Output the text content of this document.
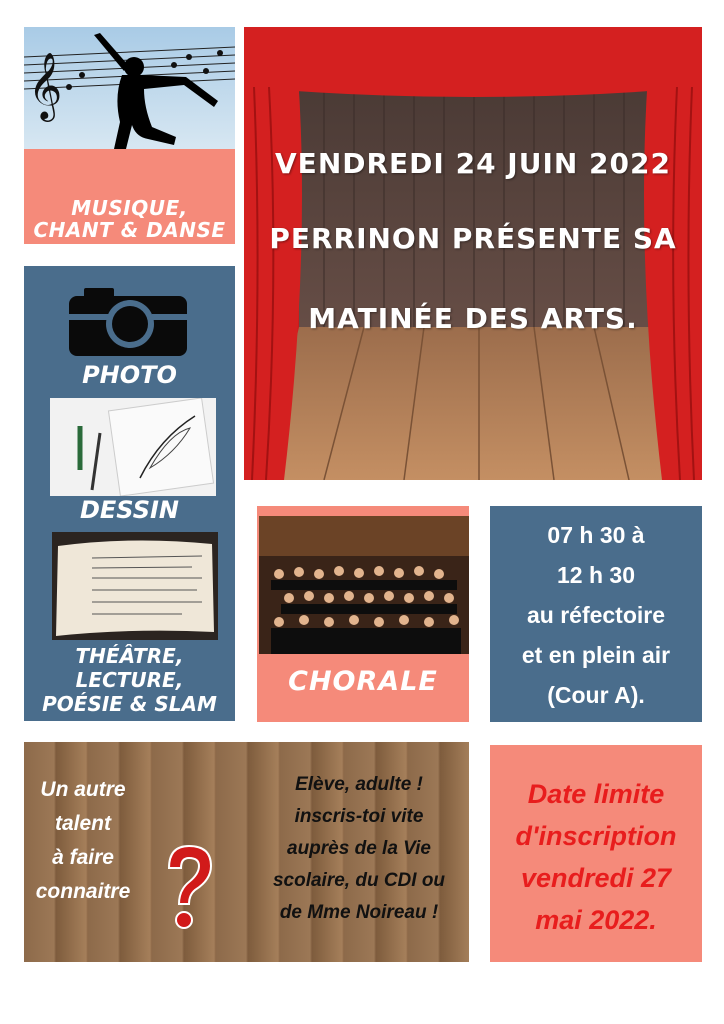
𝄞
MUSIQUE,
CHANT & DANSE
VENDREDI 24 JUIN 2022
PERRINON PRÉSENTE SA
MATINÉE DES ARTS.
PHOTO
DESSIN
THÉÂTRE,
LECTURE,
POÉSIE & SLAM
CHORALE
07 h 30 à
12 h 30
au réfectoire
et en plein air
(Cour A).
Un autre
talent
à faire
connaitre
Elève, adulte !
inscris-toi vite
auprès de la Vie
scolaire, du CDI ou
de Mme Noireau !
Date limite
d'inscription
vendredi 27
mai 2022.
